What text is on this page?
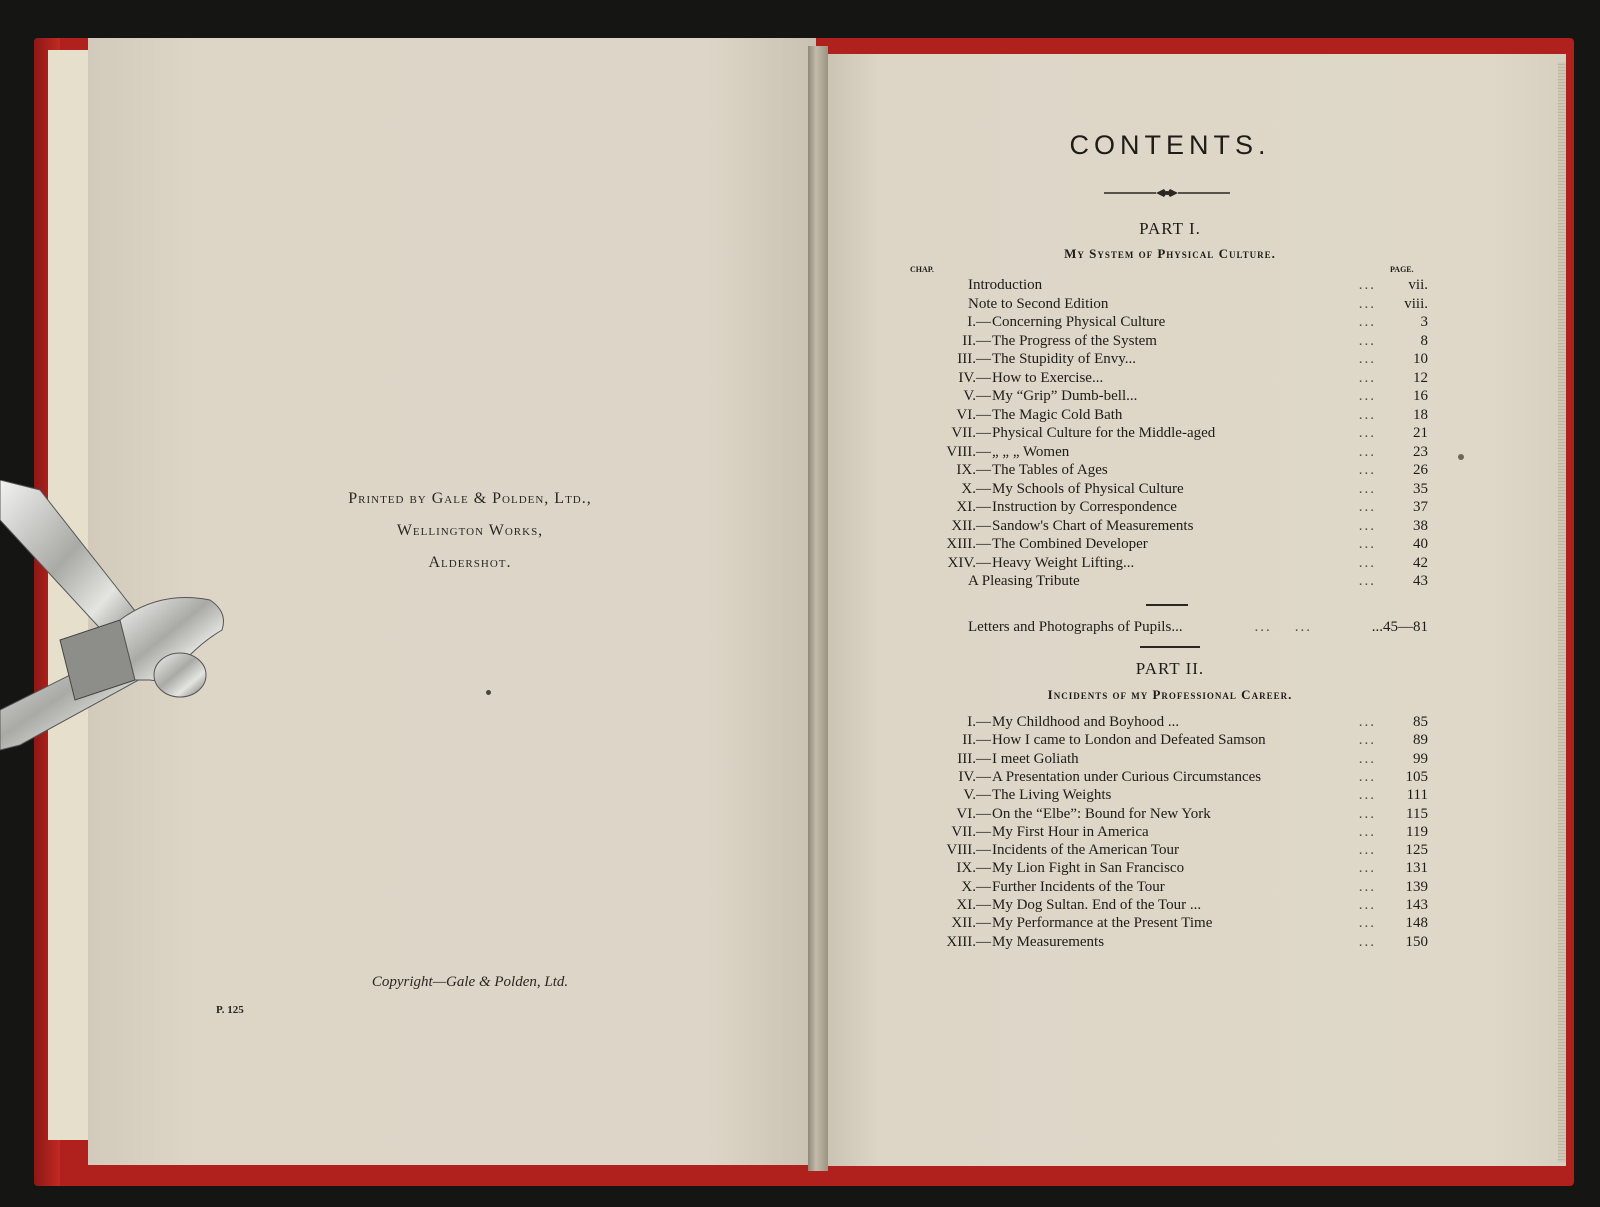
Printed by Gale & Polden, Ltd.,
Wellington Works,
Aldershot.
Copyright—Gale & Polden, Ltd.
P. 125
CONTENTS.
PART I.
My System of Physical Culture.
CHAP.	PAGE.
Introduction	... vii.
Note to Second Edition	... viii.
I. — Concerning Physical Culture	...	3
II. — The Progress of the System	...	8
III. — The Stupidity of Envy...	... 10
IV. — How to Exercise...	... 12
V. — My “Grip” Dumb-bell...	... 16
VI. — The Magic Cold Bath	... 18
VII. — Physical Culture for the Middle-aged	... 21
VIII. — „ „ „ Women	... 23
IX. — The Tables of Ages	... 26
X. — My Schools of Physical Culture	... 35
XI. — Instruction by Correspondence	... 37
XII. — Sandow's Chart of Measurements	... 38
XIII. — The Combined Developer	... 40
XIV. — Heavy Weight Lifting...	... 42
A Pleasing Tribute	... 43
Letters and Photographs of Pupils...	...    ...	...45—81
PART II.
Incidents of my Professional Career.
I. — My Childhood and Boyhood ...	... 85
II. — How I came to London and Defeated Samson	... 89
III. — I meet Goliath	... 99
IV. — A Presentation under Curious Circumstances	... 105
V. — The Living Weights	... 111
VI. — On the “Elbe”: Bound for New York	... 115
VII. — My First Hour in America	... 119
VIII. — Incidents of the American Tour	... 125
IX. — My Lion Fight in San Francisco	... 131
X. — Further Incidents of the Tour	... 139
XI. — My Dog Sultan. End of the Tour ...	... 143
XII. — My Performance at the Present Time	... 148
XIII. — My Measurements	... 150
